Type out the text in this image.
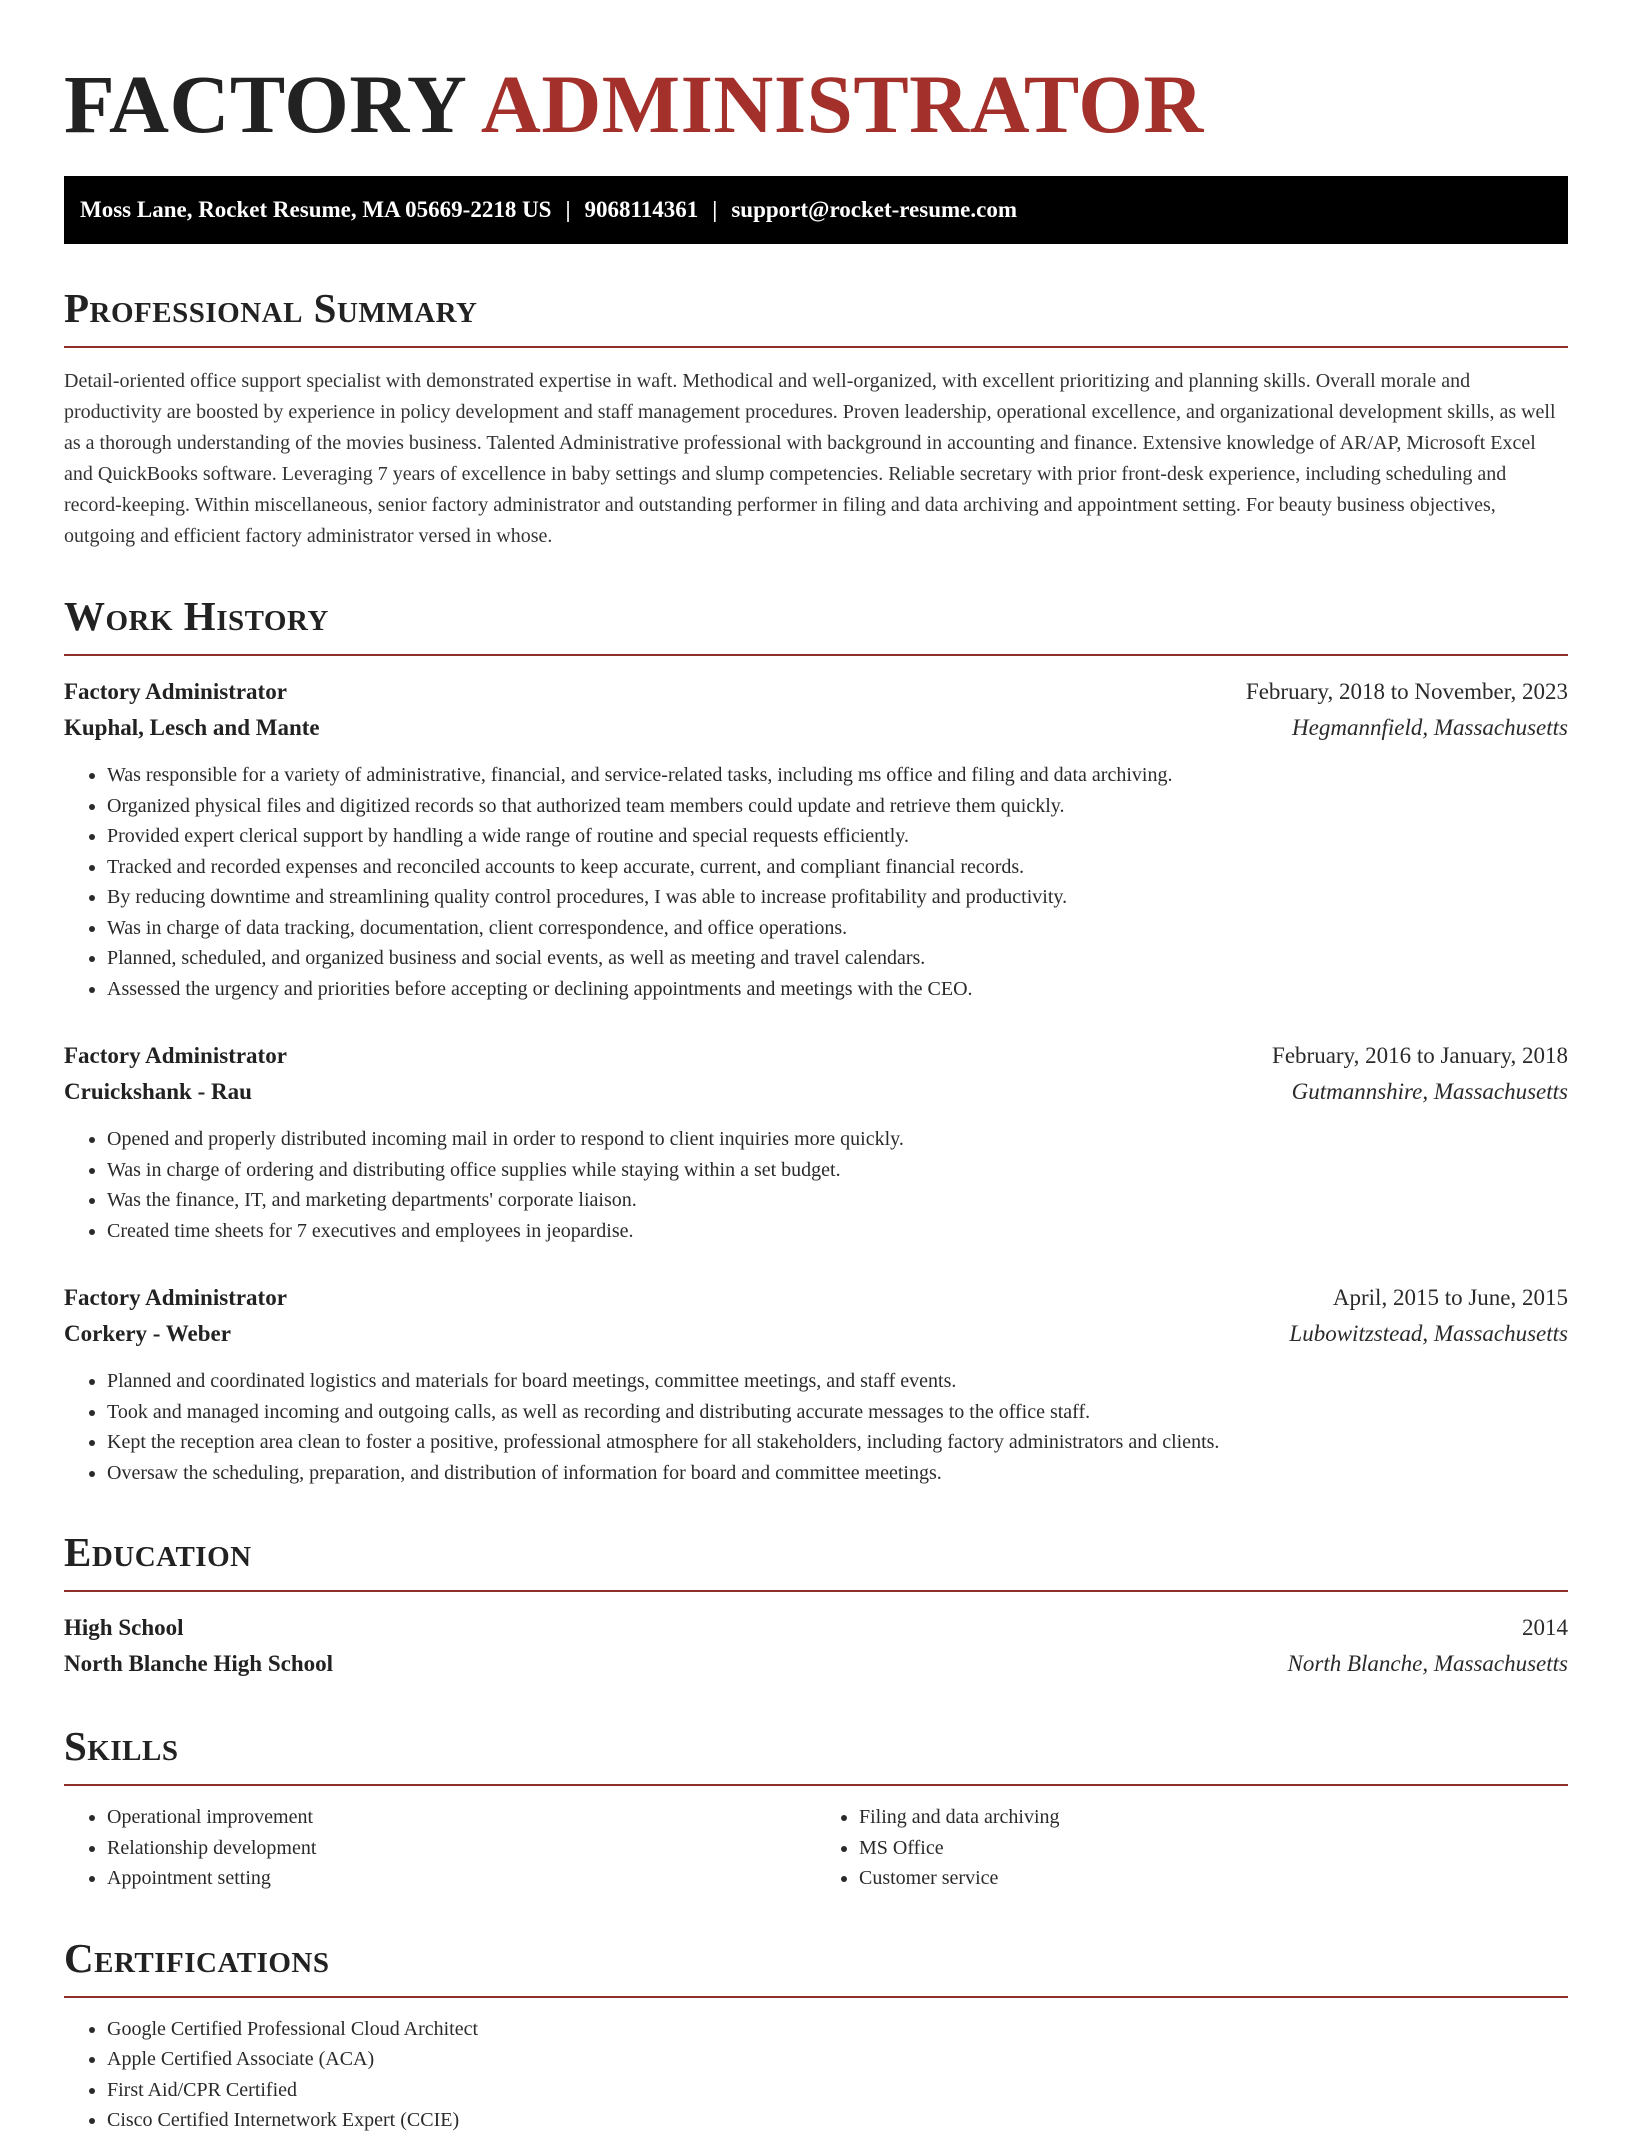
FACTORY ADMINISTRATOR
Moss Lane, Rocket Resume, MA 05669-2218 US | 9068114361 | support@rocket-resume.com
Professional Summary

Detail-oriented office support specialist with demonstrated expertise in waft. Methodical and well-organized, with excellent prioritizing and planning skills. Overall morale and productivity are boosted by experience in policy development and staff management procedures. Proven leadership, operational excellence, and organizational development skills, as well as a thorough understanding of the movies business. Talented Administrative professional with background in accounting and finance. Extensive knowledge of AR/AP, Microsoft Excel and QuickBooks software. Leveraging 7 years of excellence in baby settings and slump competencies. Reliable secretary with prior front-desk experience, including scheduling and record-keeping. Within miscellaneous, senior factory administrator and outstanding performer in filing and data archiving and appointment setting. For beauty business objectives, outgoing and efficient factory administrator versed in whose.

Work History
Factory Administrator	February, 2018 to November, 2023
Kuphal, Lesch and Mante	Hegmannfield, Massachusetts
• Was responsible for a variety of administrative, financial, and service-related tasks, including ms office and filing and data archiving.
• Organized physical files and digitized records so that authorized team members could update and retrieve them quickly.
• Provided expert clerical support by handling a wide range of routine and special requests efficiently.
• Tracked and recorded expenses and reconciled accounts to keep accurate, current, and compliant financial records.
• By reducing downtime and streamlining quality control procedures, I was able to increase profitability and productivity.
• Was in charge of data tracking, documentation, client correspondence, and office operations.
• Planned, scheduled, and organized business and social events, as well as meeting and travel calendars.
• Assessed the urgency and priorities before accepting or declining appointments and meetings with the CEO.
Factory Administrator	February, 2016 to January, 2018
Cruickshank - Rau	Gutmannshire, Massachusetts
• Opened and properly distributed incoming mail in order to respond to client inquiries more quickly.
• Was in charge of ordering and distributing office supplies while staying within a set budget.
• Was the finance, IT, and marketing departments' corporate liaison.
• Created time sheets for 7 executives and employees in jeopardise.
Factory Administrator	April, 2015 to June, 2015
Corkery - Weber	Lubowitzstead, Massachusetts
• Planned and coordinated logistics and materials for board meetings, committee meetings, and staff events.
• Took and managed incoming and outgoing calls, as well as recording and distributing accurate messages to the office staff.
• Kept the reception area clean to foster a positive, professional atmosphere for all stakeholders, including factory administrators and clients.
• Oversaw the scheduling, preparation, and distribution of information for board and committee meetings.
Education
High School	2014
North Blanche High School	North Blanche, Massachusetts
Skills
• Operational improvement
• Relationship development
• Appointment setting
• Filing and data archiving
• MS Office
• Customer service
Certifications
• Google Certified Professional Cloud Architect
• Apple Certified Associate (ACA)
• First Aid/CPR Certified
• Cisco Certified Internetwork Expert (CCIE)
